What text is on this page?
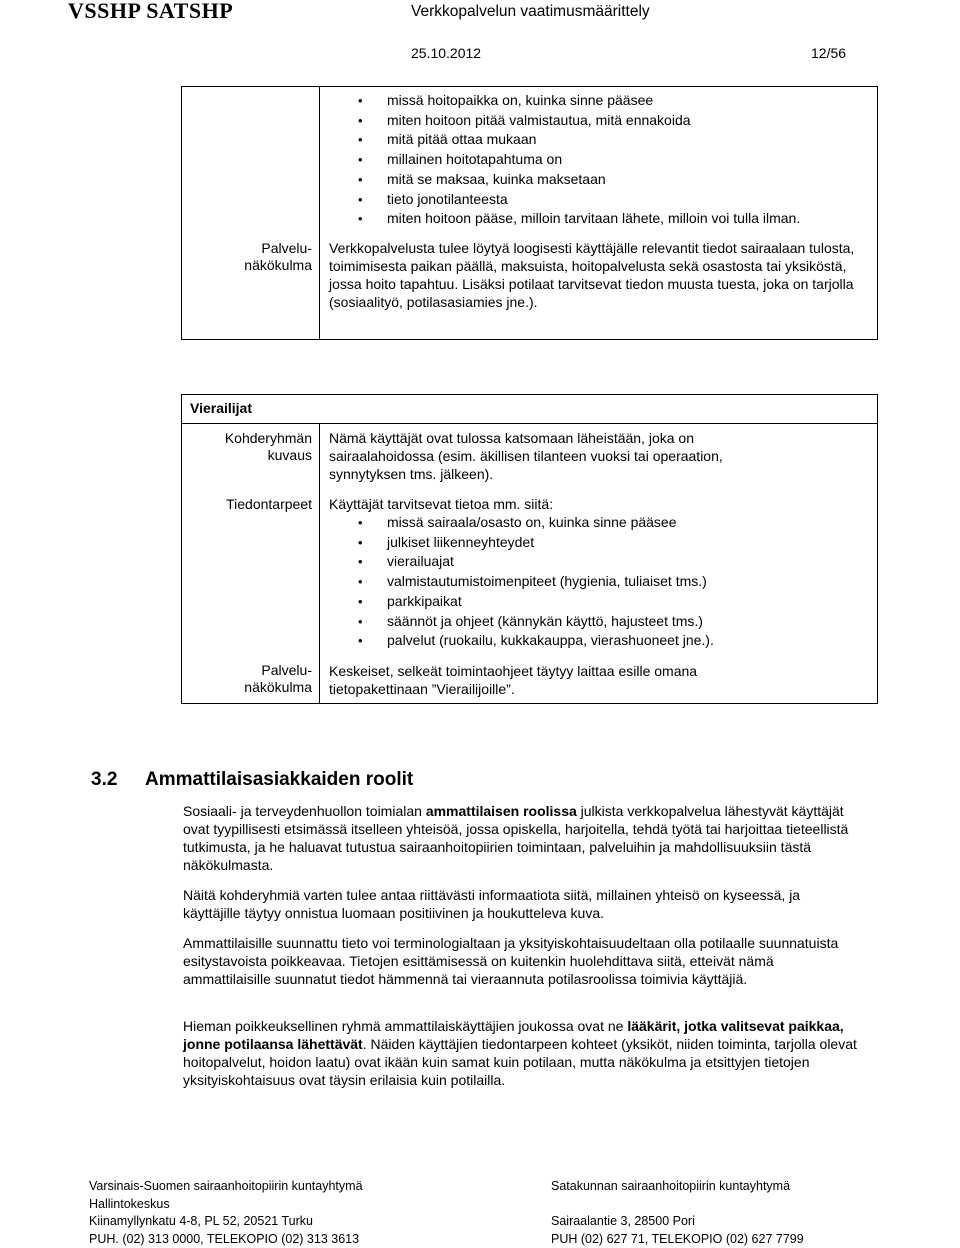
VSSHP SATSHP	Verkkopalvelun vaatimusmäärittely
25.10.2012	12/56
• missä hoitopaikka on, kuinka sinne pääsee
• miten hoitoon pitää valmistautua, mitä ennakoida
• mitä pitää ottaa mukaan
• millainen hoitotapahtuma on
• mitä se maksaa, kuinka maksetaan
• tieto jonotilanteesta
• miten hoitoon pääse, milloin tarvitaan lähete, milloin voi tulla ilman.
Palvelu-
näkökulma
Verkkopalvelusta tulee löytyä loogisesti käyttäjälle relevantit tiedot sairaalaan tulosta, toimimisesta paikan päällä, maksuista, hoitopalvelusta sekä osastosta tai yksiköstä, jossa hoito tapahtuu. Lisäksi potilaat tarvitsevat tiedon muusta tuesta, joka on tarjolla (sosiaalityö, potilasasiamies jne.).
Vierailijat
Kohderyhmän
kuvaus
Nämä käyttäjät ovat tulossa katsomaan läheistään, joka on sairaalahoidossa (esim. äkillisen tilanteen vuoksi tai operaation, synnytyksen tms. jälkeen).
Tiedontarpeet Käyttäjät tarvitsevat tietoa mm. siitä:
• missä sairaala/osasto on, kuinka sinne pääsee
• julkiset liikenneyhteydet
• vierailuajat
• valmistautumistoimenpiteet (hygienia, tuliaiset tms.)
• parkkipaikat
• säännöt ja ohjeet (kännykän käyttö, hajusteet tms.)
• palvelut (ruokailu, kukkakauppa, vierashuoneet jne.).
Palvelu-
näkökulma
Keskeiset, selkeät toimintaohjeet täytyy laittaa esille omana tietopakettinaan ”Vierailijoille”.
3.2 Ammattilaisasiakkaiden roolit
Sosiaali- ja terveydenhuollon toimialan ammattilaisen roolissa julkista verkkopalvelua lähestyvät käyttäjät ovat tyypillisesti etsimässä itselleen yhteisöä, jossa opiskella, harjoitella, tehdä työtä tai harjoittaa tieteellistä tutkimusta, ja he haluavat tutustua sairaanhoitopiirien toimintaan, palveluihin ja mahdollisuuksiin tästä näkökulmasta.
Näitä kohderyhmiä varten tulee antaa riittävästi informaatiota siitä, millainen yhteisö on kyseessä, ja käyttäjille täytyy onnistua luomaan positiivinen ja houkutteleva kuva.
Ammattilaisille suunnattu tieto voi terminologialtaan ja yksityiskohtaisuudeltaan olla potilaalle suunnatuista esitystavoista poikkeavaa. Tietojen esittämisessä on kuitenkin huolehdittava siitä, etteivät nämä ammattilaisille suunnatut tiedot hämmennä tai vieraannuta potilasroolissa toimivia käyttäjiä.
Hieman poikkeuksellinen ryhmä ammattilaiskäyttäjien joukossa ovat ne lääkärit, jotka valitsevat paikkaa, jonne potilaansa lähettävät. Näiden käyttäjien tiedontarpeen kohteet (yksiköt, niiden toiminta, tarjolla olevat hoitopalvelut, hoidon laatu) ovat ikään kuin samat kuin potilaan, mutta näkökulma ja etsittyjen tietojen yksityiskohtaisuus ovat täysin erilaisia kuin potilailla.
Varsinais-Suomen sairaanhoitopiirin kuntayhtymä
Hallintokeskus
Kiinamyllynkatu 4-8, PL 52, 20521 Turku
PUH. (02) 313 0000, TELEKOPIO (02) 313 3613
Satakunnan sairaanhoitopiirin kuntayhtymä

Sairaalantie 3, 28500 Pori
PUH (02) 627 71, TELEKOPIO (02) 627 7799
